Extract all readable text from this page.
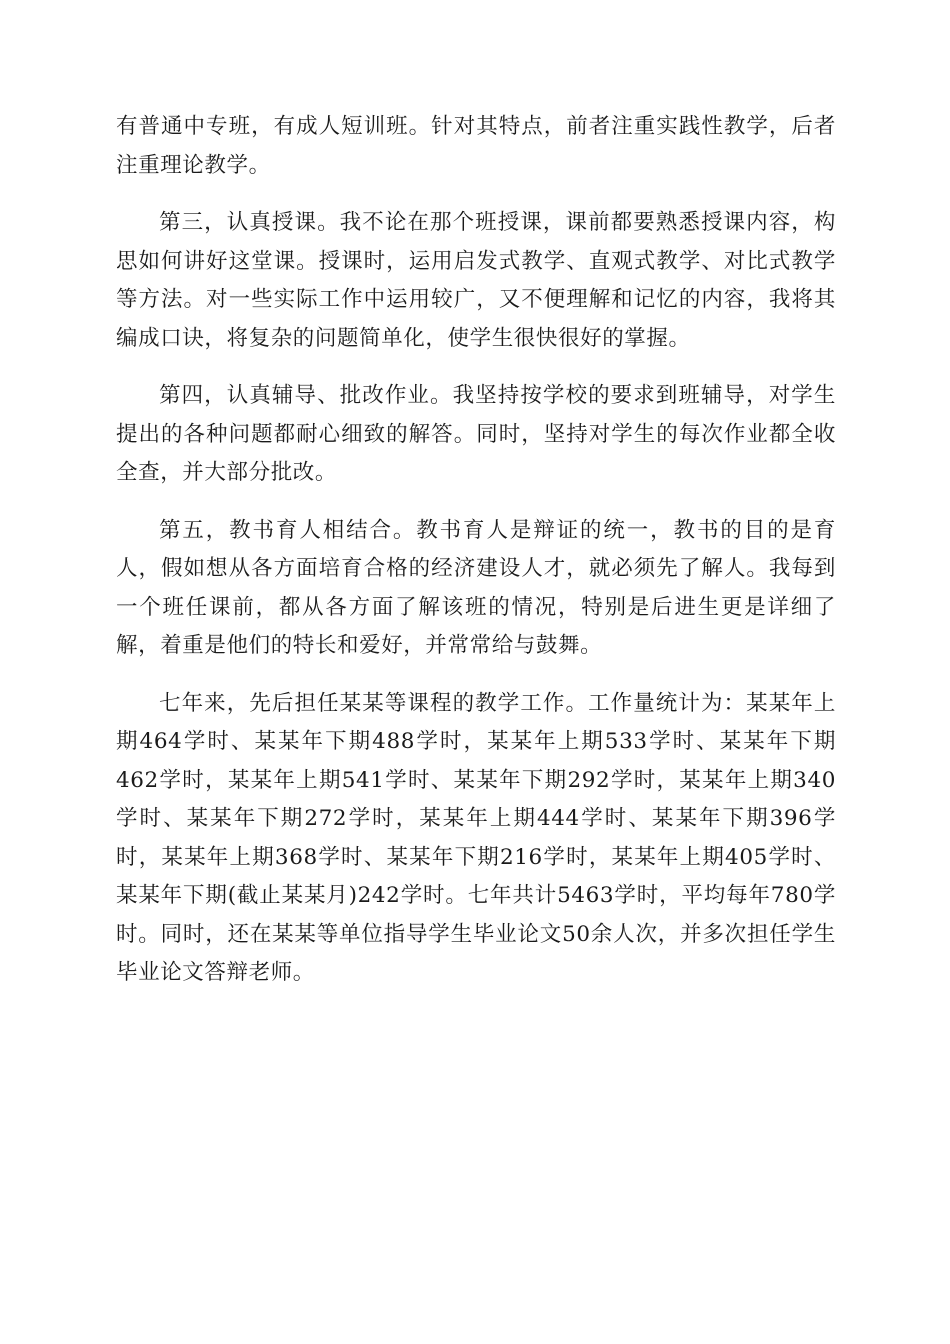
有普通中专班，有成人短训班。针对其特点，前者注重实践性教学，后者注重理论教学。

第三，认真授课。我不论在那个班授课，课前都要熟悉授课内容，构思如何讲好这堂课。授课时，运用启发式教学、直观式教学、对比式教学等方法。对一些实际工作中运用较广，又不便理解和记忆的内容，我将其编成口诀，将复杂的问题简单化，使学生很快很好的掌握。

第四，认真辅导、批改作业。我坚持按学校的要求到班辅导，对学生提出的各种问题都耐心细致的解答。同时，坚持对学生的每次作业都全收全查，并大部分批改。

第五，教书育人相结合。教书育人是辩证的统一，教书的目的是育人，假如想从各方面培育合格的经济建设人才，就必须先了解人。我每到一个班任课前，都从各方面了解该班的情况，特别是后进生更是详细了解，着重是他们的特长和爱好，并常常给与鼓舞。

七年来，先后担任某某等课程的教学工作。工作量统计为：某某年上期464学时、某某年下期488学时，某某年上期533学时、某某年下期462学时，某某年上期541学时、某某年下期292学时，某某年上期340学时、某某年下期272学时，某某年上期444学时、某某年下期396学时，某某年上期368学时、某某年下期216学时，某某年上期405学时、某某年下期(截止某某月)242学时。七年共计5463学时，平均每年780学时。同时，还在某某等单位指导学生毕业论文50余人次，并多次担任学生毕业论文答辩老师。
